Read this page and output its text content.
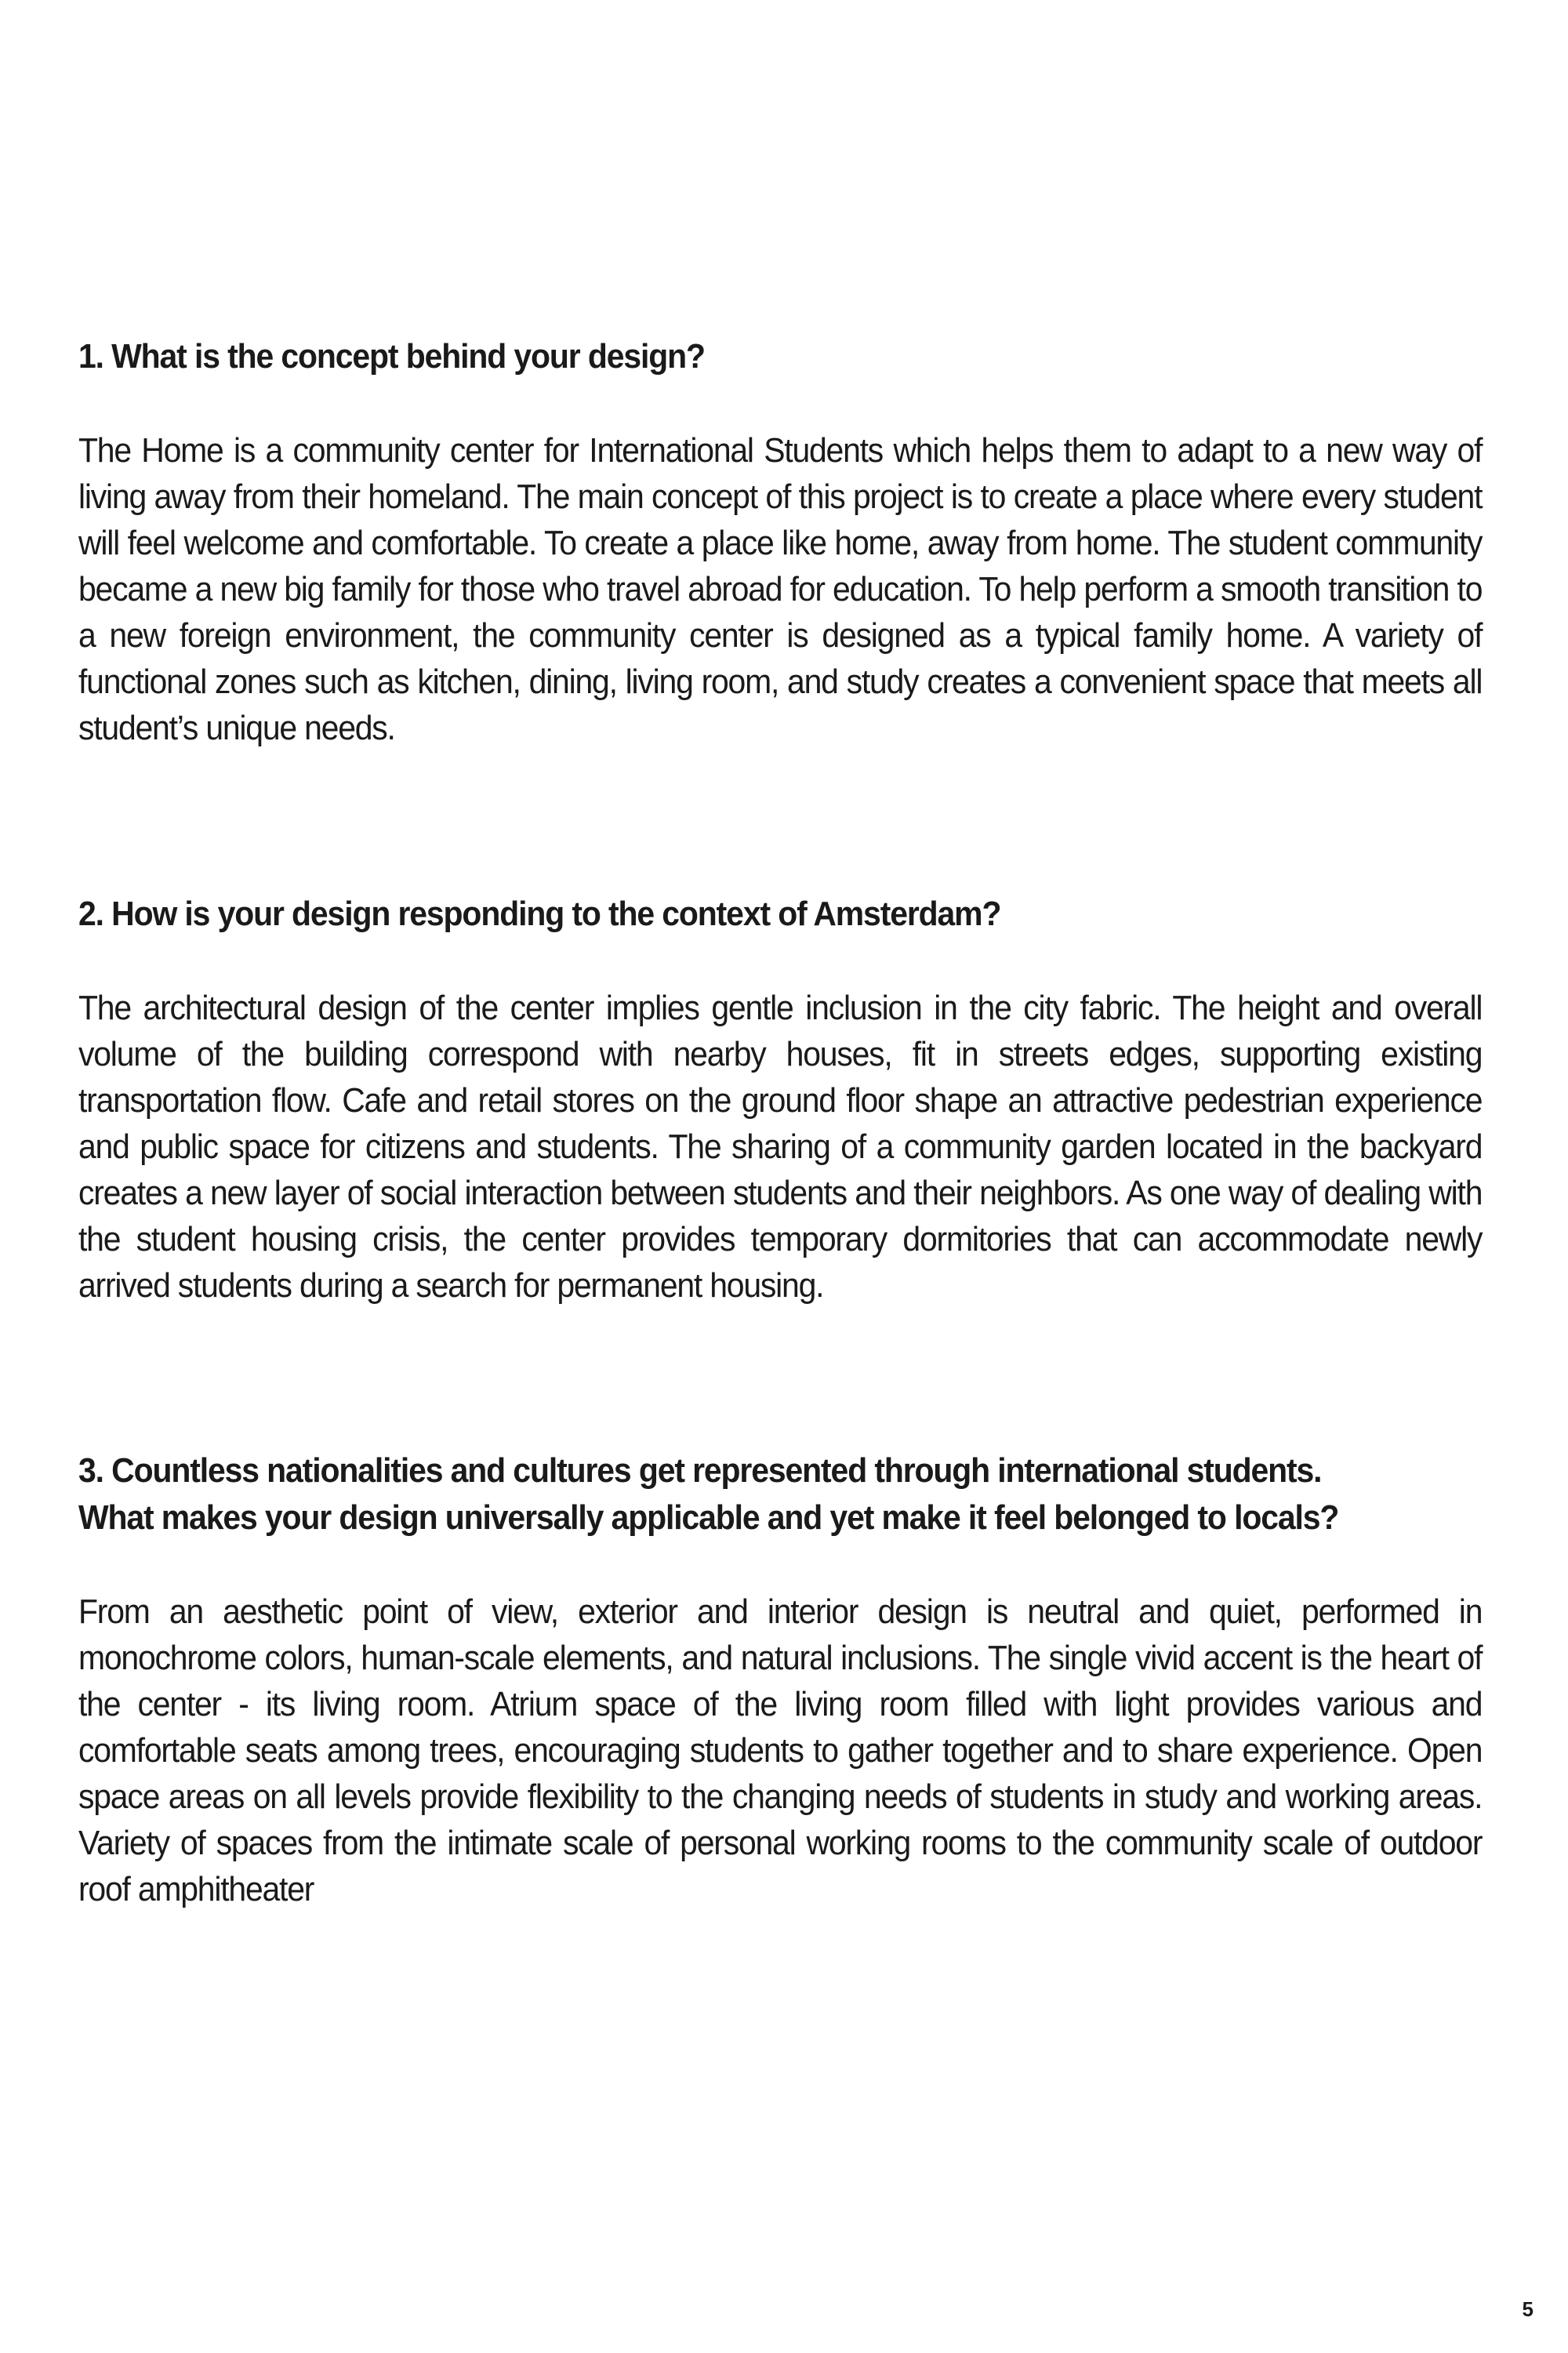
1. What is the concept behind your design?

The Home is a community center for International Students which helps them to adapt to a new way of living away from their homeland. The main concept of this project is to create a place where every student will feel welcome and comfortable. To create a place like home, away from home. The student community became a new big family for those who travel abroad for education. To help perform a smooth transition to a new foreign environment, the community center is designed as a typical family home. A variety of functional zones such as kitchen, dining, living room, and study creates a convenient space that meets all student’s unique needs.

2. How is your design responding to the context of Amsterdam?

The architectural design of the center implies gentle inclusion in the city fabric. The height and overall volume of the building correspond with nearby houses, fit in streets edges, supporting existing transportation flow. Cafe and retail stores on the ground floor shape an attractive pedestrian experience and public space for citizens and students. The sharing of a community garden located in the backyard creates a new layer of social interaction between students and their neighbors. As one way of dealing with the student housing crisis, the center provides temporary dormitories that can accommodate newly arrived students during a search for permanent housing.

3. Countless nationalities and cultures get represented through international students.
What makes your design universally applicable and yet make it feel belonged to locals?

From an aesthetic point of view, exterior and interior design is neutral and quiet, performed in monochrome colors, human-scale elements, and natural inclusions. The single vivid accent is the heart of the center - its living room. Atrium space of the living room filled with light provides various and comfortable seats among trees, encouraging students to gather together and to share experience. Open space areas on all levels provide flexibility to the changing needs of students in study and working areas. Variety of spaces from the intimate scale of personal working rooms to the community scale of outdoor roof amphitheater

5
